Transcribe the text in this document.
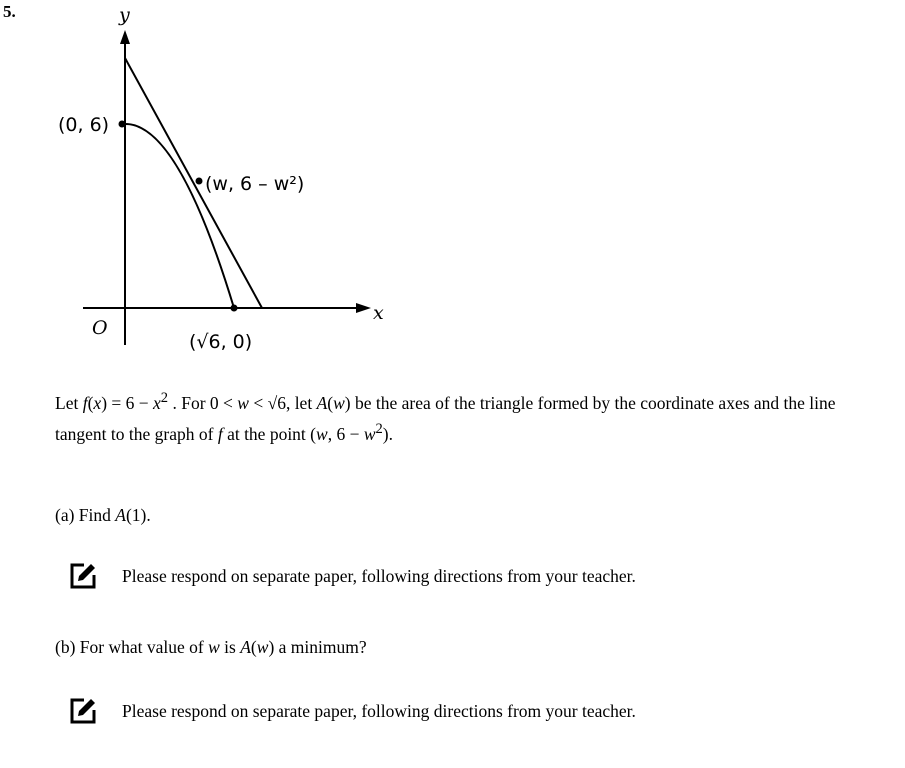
5.	y
x
O
(0, 6)
(w, 6 – w²)
(√6, 0)
Let $f(x) = 6 - x^2$ . For 0 < w < √6, let A(w) be the area of the triangle formed by the coordinate axes and the line tangent to the graph of f at the point (w, $6 - w^2$).
(a) Find A(1).
Please respond on separate paper, following directions from your teacher.
(b) For what value of w is A(w) a minimum?
Please respond on separate paper, following directions from your teacher.
